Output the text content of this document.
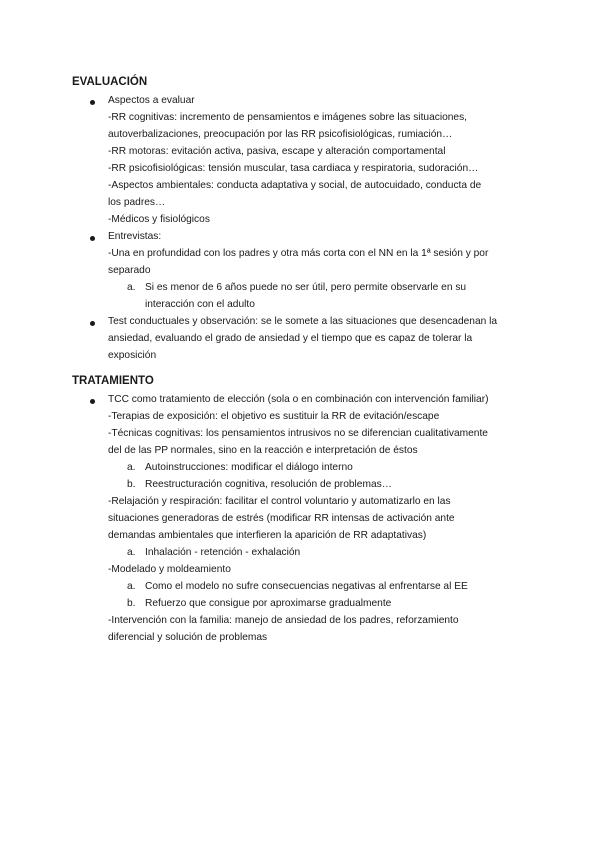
EVALUACIÓN
Aspectos a evaluar
-RR cognitivas: incremento de pensamientos e imágenes sobre las situaciones,
autoverbalizaciones, preocupación por las RR psicofisiológicas, rumiación…
-RR motoras: evitación activa, pasiva, escape y alteración comportamental
-RR psicofisiológicas: tensión muscular, tasa cardiaca y respiratoria, sudoración…
-Aspectos ambientales: conducta adaptativa y social, de autocuidado, conducta de
los padres…
-Médicos y fisiológicos
Entrevistas:
-Una en profundidad con los padres y otra más corta con el NN en la 1ª sesión y por
separado
a. Si es menor de 6 años puede no ser útil, pero permite observarle en su
interacción con el adulto
Test conductuales y observación: se le somete a las situaciones que desencadenan la
ansiedad, evaluando el grado de ansiedad y el tiempo que es capaz de tolerar la
exposición
TRATAMIENTO
TCC como tratamiento de elección (sola o en combinación con intervención familiar)
-Terapias de exposición: el objetivo es sustituir la RR de evitación/escape
-Técnicas cognitivas: los pensamientos intrusivos no se diferencian cualitativamente
del de las PP normales, sino en la reacción e interpretación de éstos
a. Autoinstrucciones: modificar el diálogo interno
b. Reestructuración cognitiva, resolución de problemas…
-Relajación y respiración: facilitar el control voluntario y automatizarlo en las
situaciones generadoras de estrés (modificar RR intensas de activación ante
demandas ambientales que interfieren la aparición de RR adaptativas)
a. Inhalación - retención - exhalación
-Modelado y moldeamiento
a. Como el modelo no sufre consecuencias negativas al enfrentarse al EE
b. Refuerzo que consigue por aproximarse gradualmente
-Intervención con la familia: manejo de ansiedad de los padres, reforzamiento
diferencial y solución de problemas
